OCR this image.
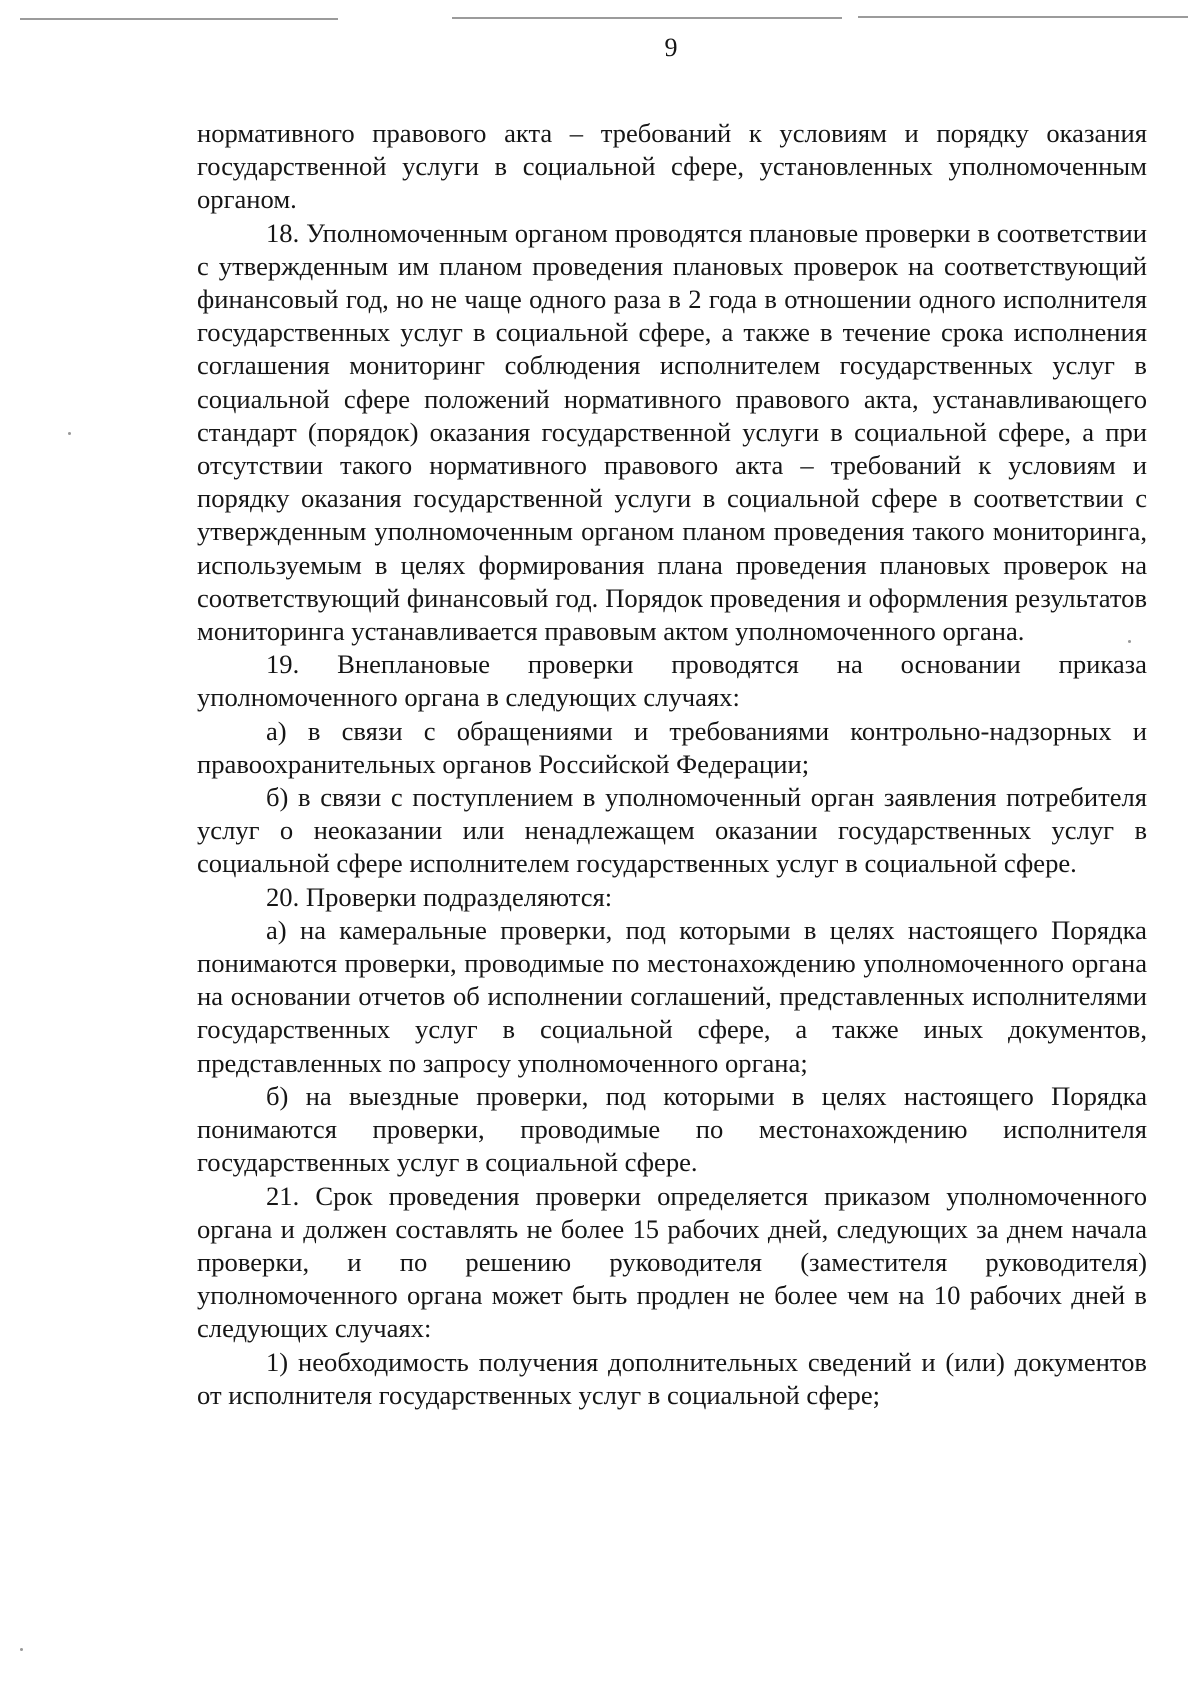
9

нормативного правового акта – требований к условиям и порядку оказания государственной услуги в социальной сфере, установленных уполномоченным органом.

18. Уполномоченным органом проводятся плановые проверки в соответствии с утвержденным им планом проведения плановых проверок на соответствующий финансовый год, но не чаще одного раза в 2 года в отношении одного исполнителя государственных услуг в социальной сфере, а также в течение срока исполнения соглашения мониторинг соблюдения исполнителем государственных услуг в социальной сфере положений нормативного правового акта, устанавливающего стандарт (порядок) оказания государственной услуги в социальной сфере, а при отсутствии такого нормативного правового акта – требований к условиям и порядку оказания государственной услуги в социальной сфере в соответствии с утвержденным уполномоченным органом планом проведения такого мониторинга, используемым в целях формирования плана проведения плановых проверок на соответствующий финансовый год. Порядок проведения и оформления результатов мониторинга устанавливается правовым актом уполномоченного органа.

19. Внеплановые проверки проводятся на основании приказа уполномоченного органа в следующих случаях:

а) в связи с обращениями и требованиями контрольно-надзорных и правоохранительных органов Российской Федерации;

б) в связи с поступлением в уполномоченный орган заявления потребителя услуг о неоказании или ненадлежащем оказании государственных услуг в социальной сфере исполнителем государственных услуг в социальной сфере.

20. Проверки подразделяются:

а) на камеральные проверки, под которыми в целях настоящего Порядка понимаются проверки, проводимые по местонахождению уполномоченного органа на основании отчетов об исполнении соглашений, представленных исполнителями государственных услуг в социальной сфере, а также иных документов, представленных по запросу уполномоченного органа;

б) на выездные проверки, под которыми в целях настоящего Порядка понимаются проверки, проводимые по местонахождению исполнителя государственных услуг в социальной сфере.

21. Срок проведения проверки определяется приказом уполномоченного органа и должен составлять не более 15 рабочих дней, следующих за днем начала проверки, и по решению руководителя (заместителя руководителя) уполномоченного органа может быть продлен не более чем на 10 рабочих дней в следующих случаях:

1) необходимость получения дополнительных сведений и (или) документов от исполнителя государственных услуг в социальной сфере;
